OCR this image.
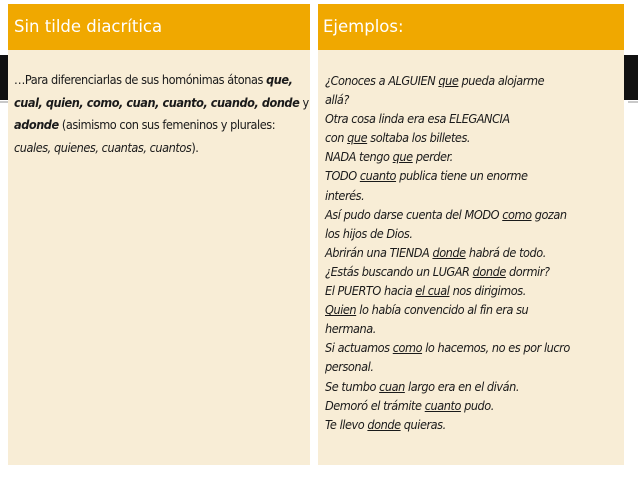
Sin tilde diacrítica	Ejemplos:
…Para diferenciarlas de sus homónimas átonas que, cual, quien, como, cuan, cuanto, cuando, donde y adonde (asimismo con sus femeninos y plurales: cuales, quienes, cuantas, cuantos).
¿Conoces a ALGUIEN que pueda alojarme
allá?
Otra cosa linda era esa ELEGANCIA
con que soltaba los billetes.
NADA tengo que perder.
TODO cuanto publica tiene un enorme
interés.
Así pudo darse cuenta del MODO como gozan
los hijos de Dios.
Abrirán una TIENDA donde habrá de todo.
¿Estás buscando un LUGAR donde dormir?
El PUERTO hacia el cual nos dirigimos.
Quien lo había convencido al fin era su
hermana.
Si actuamos como lo hacemos, no es por lucro
personal.
Se tumbo cuan largo era en el diván.
Demoró el trámite cuanto pudo.
Te llevo donde quieras.
